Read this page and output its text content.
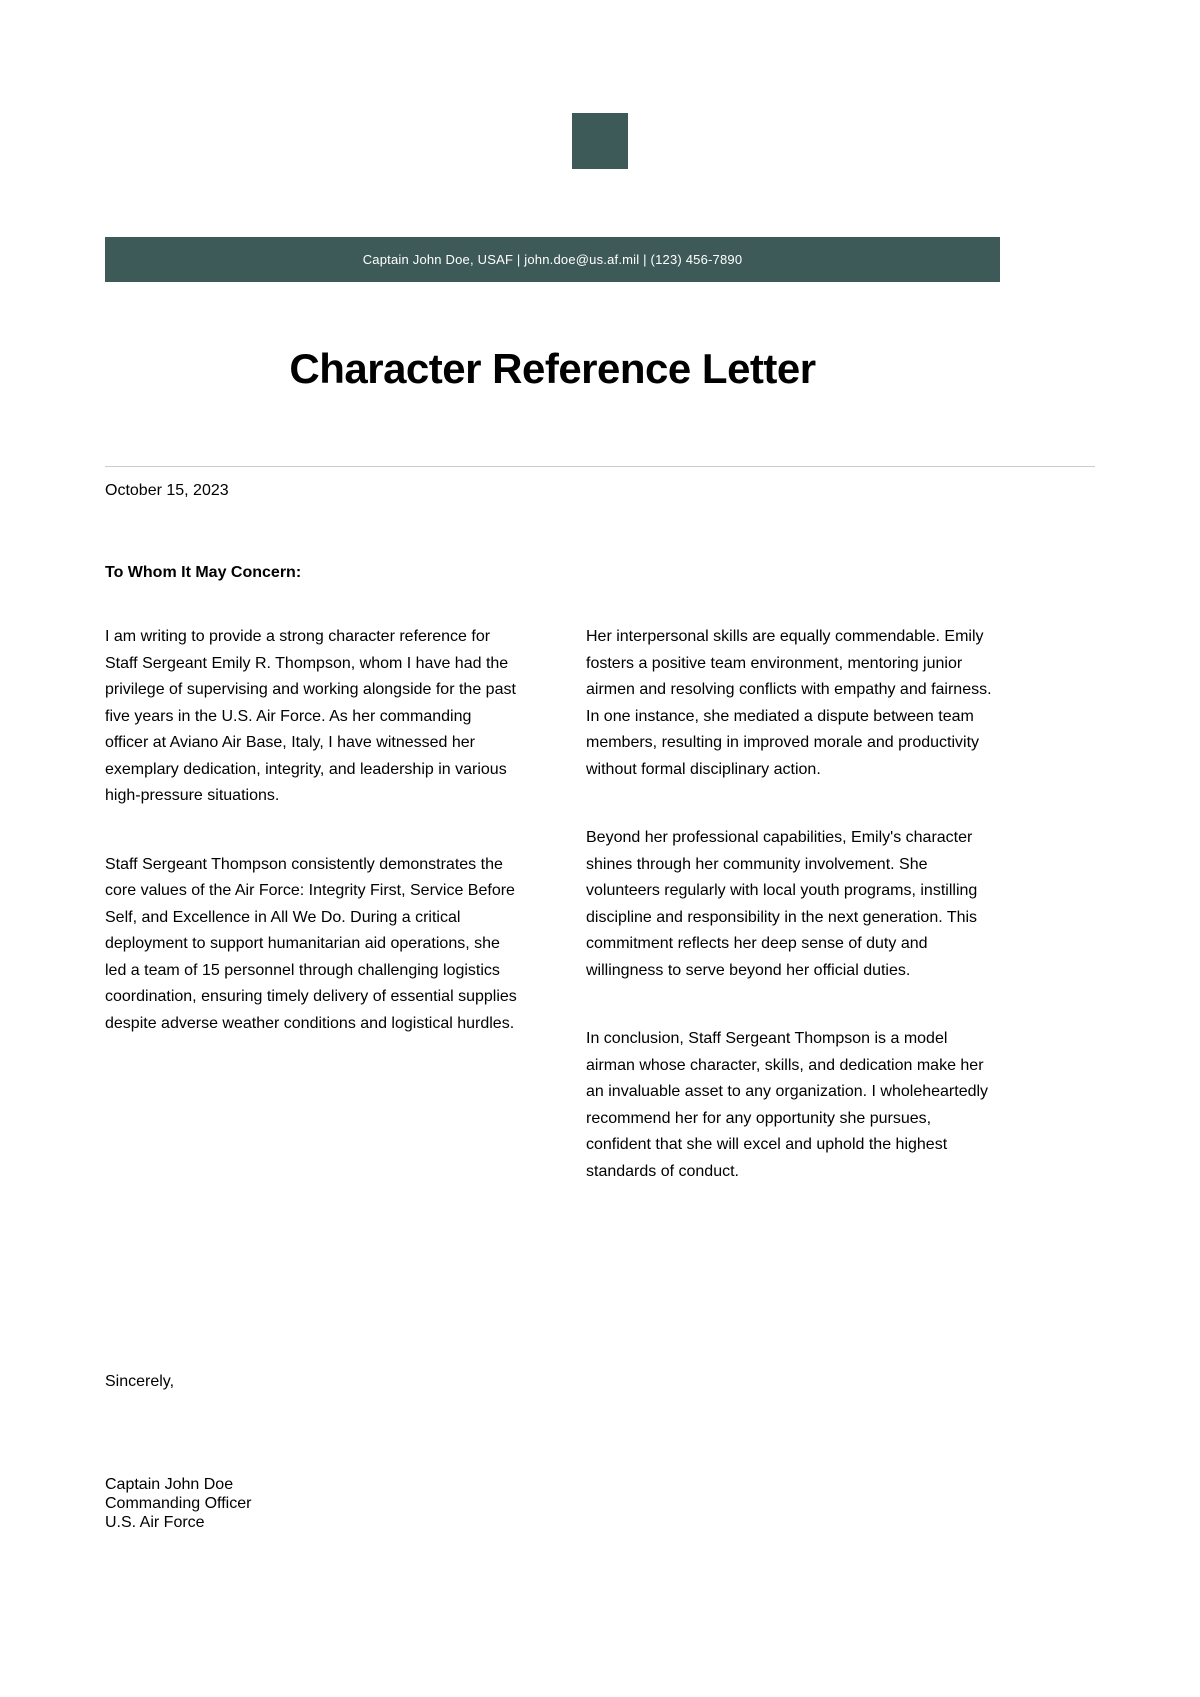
Captain John Doe, USAF | john.doe@us.af.mil | (123) 456-7890
Character Reference Letter

October 15, 2023

To Whom It May Concern:

I am writing to provide a strong character reference for Staff Sergeant Emily R. Thompson, whom I have had the privilege of supervising and working alongside for the past five years in the U.S. Air Force. As her commanding officer at Aviano Air Base, Italy, I have witnessed her exemplary dedication, integrity, and leadership in various high-pressure situations.

Staff Sergeant Thompson consistently demonstrates the core values of the Air Force: Integrity First, Service Before Self, and Excellence in All We Do. During a critical deployment to support humanitarian aid operations, she led a team of 15 personnel through challenging logistics coordination, ensuring timely delivery of essential supplies despite adverse weather conditions and logistical hurdles.

Her interpersonal skills are equally commendable. Emily fosters a positive team environment, mentoring junior airmen and resolving conflicts with empathy and fairness. In one instance, she mediated a dispute between team members, resulting in improved morale and productivity without formal disciplinary action.

Beyond her professional capabilities, Emily's character shines through her community involvement. She volunteers regularly with local youth programs, instilling discipline and responsibility in the next generation. This commitment reflects her deep sense of duty and willingness to serve beyond her official duties.

In conclusion, Staff Sergeant Thompson is a model airman whose character, skills, and dedication make her an invaluable asset to any organization. I wholeheartedly recommend her for any opportunity she pursues, confident that she will excel and uphold the highest standards of conduct.

Sincerely,

Captain John Doe
Commanding Officer
U.S. Air Force
